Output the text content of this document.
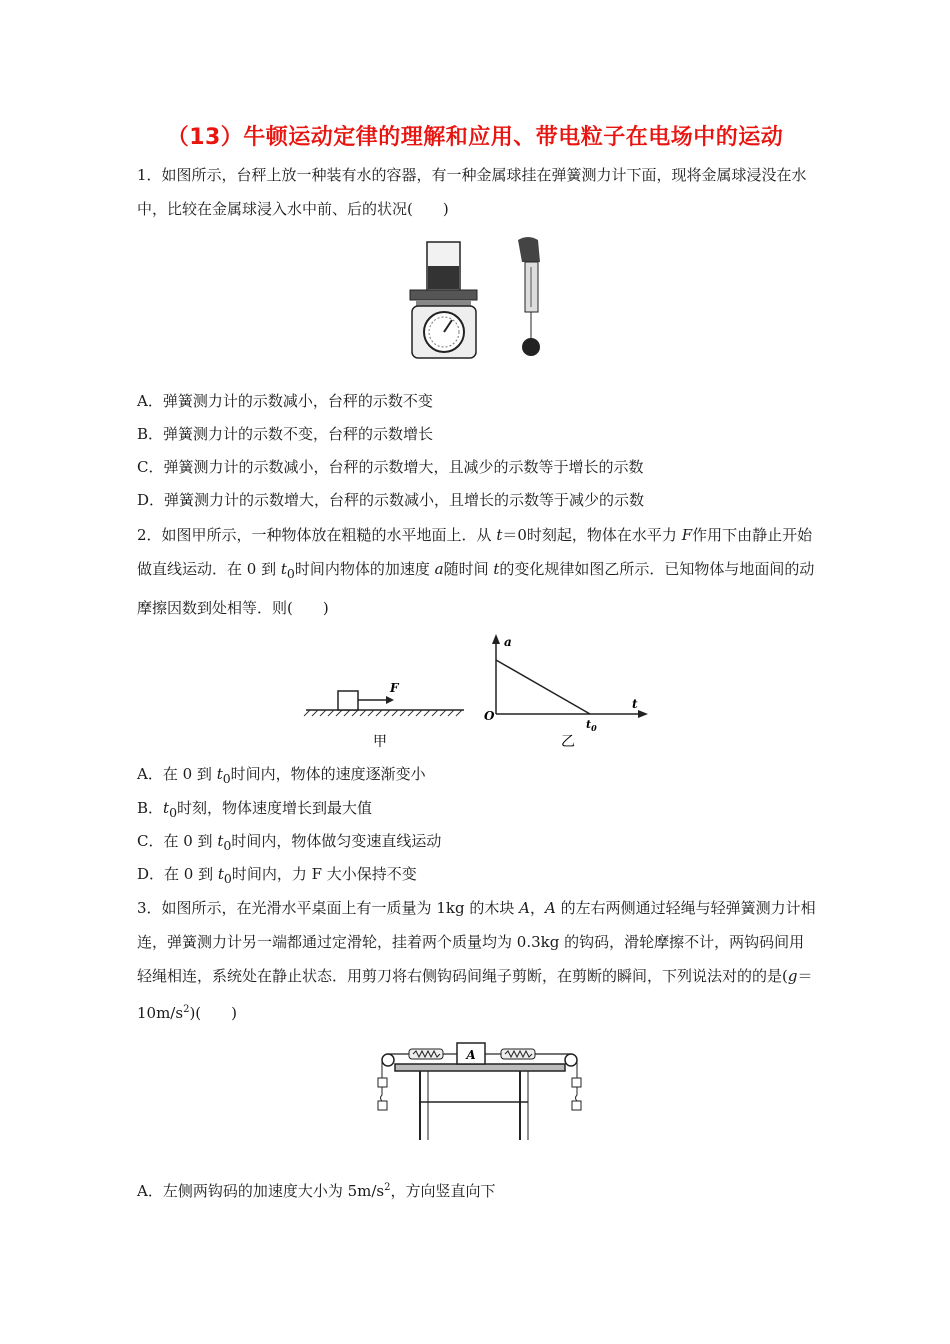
（13）牛顿运动定律的理解和应用、带电粒子在电场中的运动

1．如图所示，台秤上放一种装有水的容器，有一种金属球挂在弹簧测力计下面，现将金属球浸没在水中，比较在金属球浸入水中前、后的状况(　　)

A．弹簧测力计的示数减小，台秤的示数不变

B．弹簧测力计的示数不变，台秤的示数增长

C．弹簧测力计的示数减小，台秤的示数增大，且减少的示数等于增长的示数

D．弹簧测力计的示数增大，台秤的示数减小，且增长的示数等于减少的示数

2．如图甲所示，一种物体放在粗糙的水平地面上．从 t＝0时刻起，物体在水平力 F作用下由静止开始做直线运动．在 0 到 $t_0$时间内物体的加速度 a随时间 t的变化规律如图乙所示．已知物体与地面间的动摩擦因数到处相等．则(　　)

F
甲
a
t
O
$t_0$
乙

A．在 0 到 $t_0$时间内，物体的速度逐渐变小

B．$t_0$时刻，物体速度增长到最大值

C．在 0 到 $t_0$时间内，物体做匀变速直线运动

D．在 0 到 $t_0$时间内，力 F 大小保持不变

3．如图所示，在光滑水平桌面上有一质量为 1kg 的木块 A，A 的左右两侧通过轻绳与轻弹簧测力计相连，弹簧测力计另一端都通过定滑轮，挂着两个质量均为 0.3kg 的钩码，滑轮摩擦不计，两钩码间用轻绳相连，系统处在静止状态．用剪刀将右侧钩码间绳子剪断，在剪断的瞬间，下列说法对的的是$(g=10m/s^2)$(　　)

A

A．左侧两钩码的加速度大小为 $5m/s^2$，方向竖直向下
